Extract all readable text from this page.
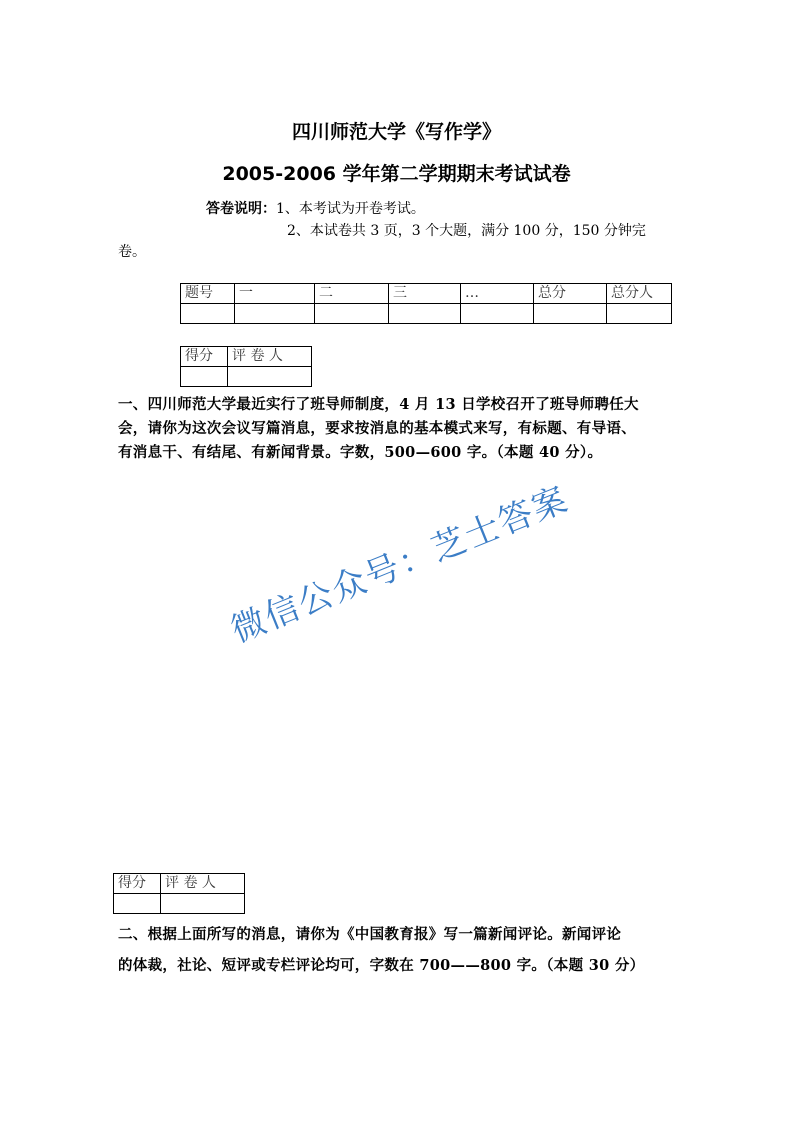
四川师范大学《写作学》
2005-2006 学年第二学期期末考试试卷
答卷说明：1、本考试为开卷考试。
2、本试卷共 3 页，3 个大题，满分 100 分，150 分钟完
卷。
题号	一	二	三	…	总分	总分人

得分	评 卷 人

一、四川师范大学最近实行了班导师制度，4 月 13 日学校召开了班导师聘任大
会，请你为这次会议写篇消息，要求按消息的基本模式来写，有标题、有导语、
有消息干、有结尾、有新闻背景。字数，500—600 字。（本题 40 分）。
微信公众号：芝士答案
得分	评 卷 人

二、根据上面所写的消息，请你为《中国教育报》写一篇新闻评论。新闻评论
的体裁，社论、短评或专栏评论均可，字数在 700——800 字。（本题 30 分）
